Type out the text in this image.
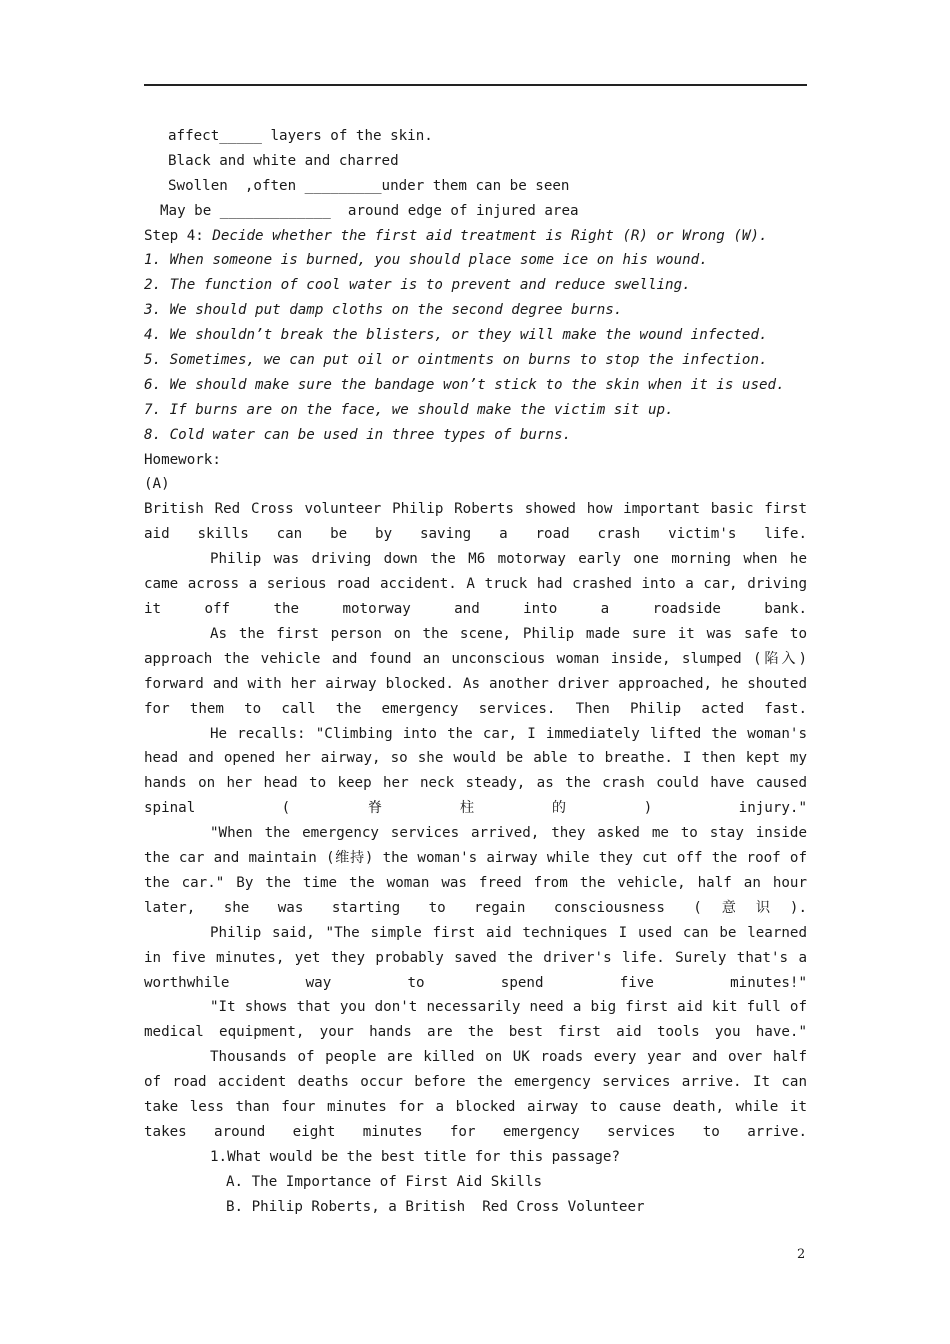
affect_____ layers of the skin.
Black and white and charred
Swollen  ,often _________under them can be seen
May be _____________  around edge of injured area
Step 4: Decide whether the first aid treatment is Right (R) or Wrong (W).
1. When someone is burned, you should place some ice on his wound.
2. The function of cool water is to prevent and reduce swelling.
3. We should put damp cloths on the second degree burns.
4. We shouldn’t break the blisters, or they will make the wound infected.
5. Sometimes, we can put oil or ointments on burns to stop the infection.
6. We should make sure the bandage won’t stick to the skin when it is used.
7. If burns are on the face, we should make the victim sit up.
8. Cold water can be used in three types of burns.
Homework:
(A)
British Red Cross volunteer Philip Roberts showed how important basic first aid skills can be by saving a road crash victim's life.
Philip was driving down the M6 motorway early one morning when he came across a serious road accident. A truck had crashed into a car, driving it off the motorway and into a roadside bank.
As the first person on the scene, Philip made sure it was safe to approach the vehicle and found an unconscious woman inside, slumped (陷入) forward and with her airway blocked. As another driver approached, he shouted for them to call the emergency services. Then Philip acted fast.
He recalls: "Climbing into the car, I immediately lifted the woman's head and opened her airway, so she would be able to breathe. I then kept my hands on her head to keep her neck steady, as the crash could have caused spinal (脊柱的) injury."
"When the emergency services arrived, they asked me to stay inside the car and maintain (维持) the woman's airway while they cut off the roof of the car." By the time the woman was freed from the vehicle, half an hour later, she was starting to regain consciousness (意识).
Philip said, "The simple first aid techniques I used can be learned in five minutes, yet they probably saved the driver's life. Surely that's a worthwhile way to spend five minutes!"
"It shows that you don't necessarily need a big first aid kit full of medical equipment, your hands are the best first aid tools you have."
Thousands of people are killed on UK roads every year and over half of road accident deaths occur before the emergency services arrive. It can take less than four minutes for a blocked airway to cause death, while it takes around eight minutes for emergency services to arrive.
1.What would be the best title for this passage?
A. The Importance of First Aid Skills
B. Philip Roberts, a British  Red Cross Volunteer
2
